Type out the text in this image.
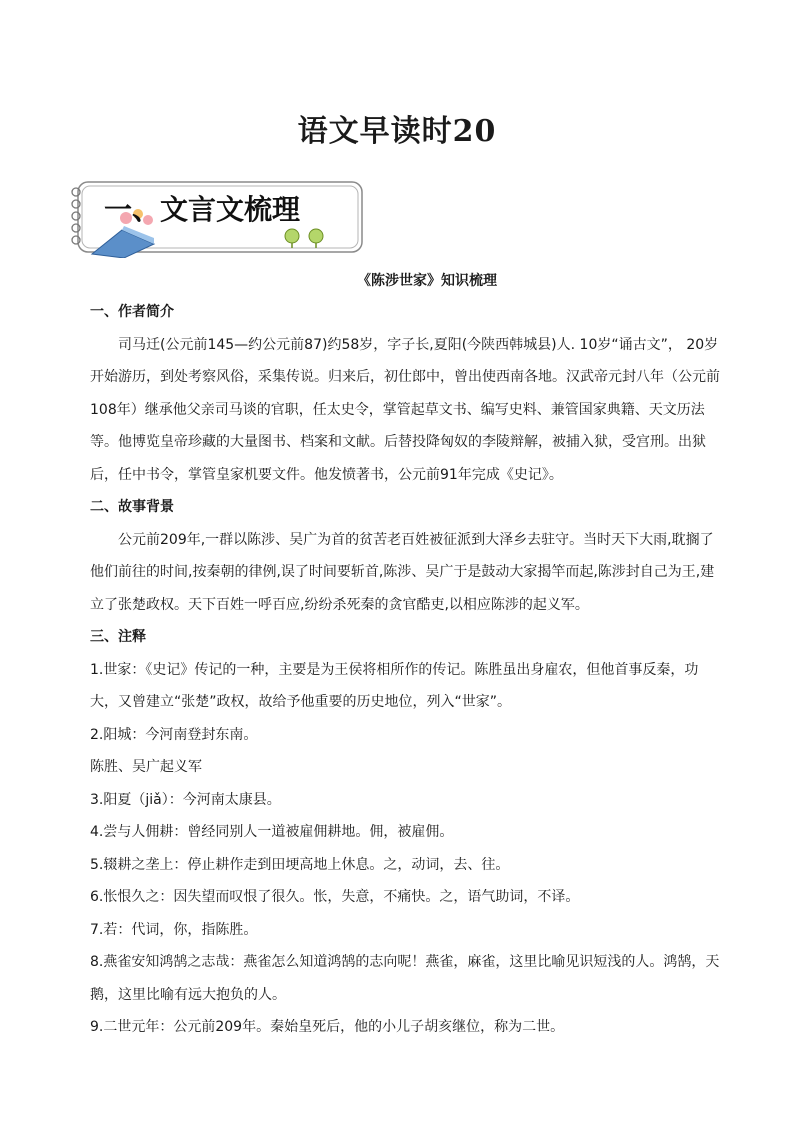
语文早读时20
一、文言文梳理
《陈涉世家》知识梳理

一、作者简介

司马迁(公元前145—约公元前87)约58岁，字子长,夏阳(今陕西韩城县)人. 10岁“诵古文”， 20岁开始游历，到处考察风俗，采集传说。归来后，初仕郎中，曾出使西南各地。汉武帝元封八年（公元前108年）继承他父亲司马谈的官职，任太史令，掌管起草文书、编写史料、兼管国家典籍、天文历法等。他博览皇帝珍藏的大量图书、档案和文献。后替投降匈奴的李陵辩解，被捕入狱，受宫刑。出狱后，任中书令，掌管皇家机要文件。他发愤著书，公元前91年完成《史记》。

二、故事背景

公元前209年,一群以陈涉、吴广为首的贫苦老百姓被征派到大泽乡去驻守。当时天下大雨,耽搁了他们前往的时间,按秦朝的律例,误了时间要斩首,陈涉、吴广于是鼓动大家揭竿而起,陈涉封自己为王,建立了张楚政权。天下百姓一呼百应,纷纷杀死秦的贪官酷吏,以相应陈涉的起义军。

三、注释

1.世家：《史记》传记的一种，主要是为王侯将相所作的传记。陈胜虽出身雇农，但他首事反秦，功大，又曾建立“张楚”政权，故给予他重要的历史地位，列入“世家”。

2.阳城：今河南登封东南。

陈胜、吴广起义军

3.阳夏（jiǎ）：今河南太康县。

4.尝与人佣耕：曾经同别人一道被雇佣耕地。佣，被雇佣。

5.辍耕之垄上：停止耕作走到田埂高地上休息。之，动词，去、往。

6.怅恨久之：因失望而叹恨了很久。怅，失意，不痛快。之，语气助词，不译。

7.若：代词，你，指陈胜。

8.燕雀安知鸿鹄之志哉：燕雀怎么知道鸿鹄的志向呢！燕雀，麻雀，这里比喻见识短浅的人。鸿鹄，天鹅，这里比喻有远大抱负的人。

9.二世元年：公元前209年。秦始皇死后，他的小儿子胡亥继位，称为二世。
